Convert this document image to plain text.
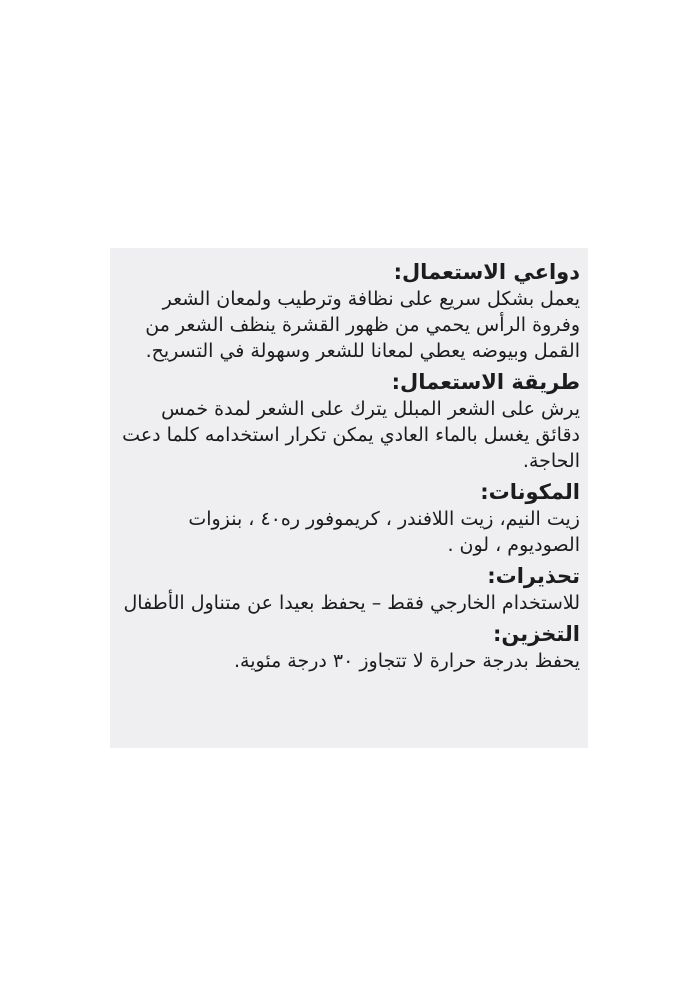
دواعي الاستعمال:

يعمل بشكل سريع على نظافة وترطيب ولمعان الشعر وفروة الرأس يحمي من ظهور القشرة ينظف الشعر من القمل وبيوضه يعطي لمعانا للشعر وسهولة في التسريح.

طريقة الاستعمال:

يرش على الشعر المبلل يترك على الشعر لمدة خمس دقائق يغسل بالماء العادي يمكن تكرار استخدامه كلما دعت الحاجة.

المكونات:

زيت النيم، زيت اللافندر ، كريموفور ره٤٠ ، بنزوات الصوديوم ، لون .

تحذيرات:

للاستخدام الخارجي فقط – يحفظ بعيدا عن متناول الأطفال

التخزين:

يحفظ بدرجة حرارة لا تتجاوز ٣٠ درجة مئوية.
